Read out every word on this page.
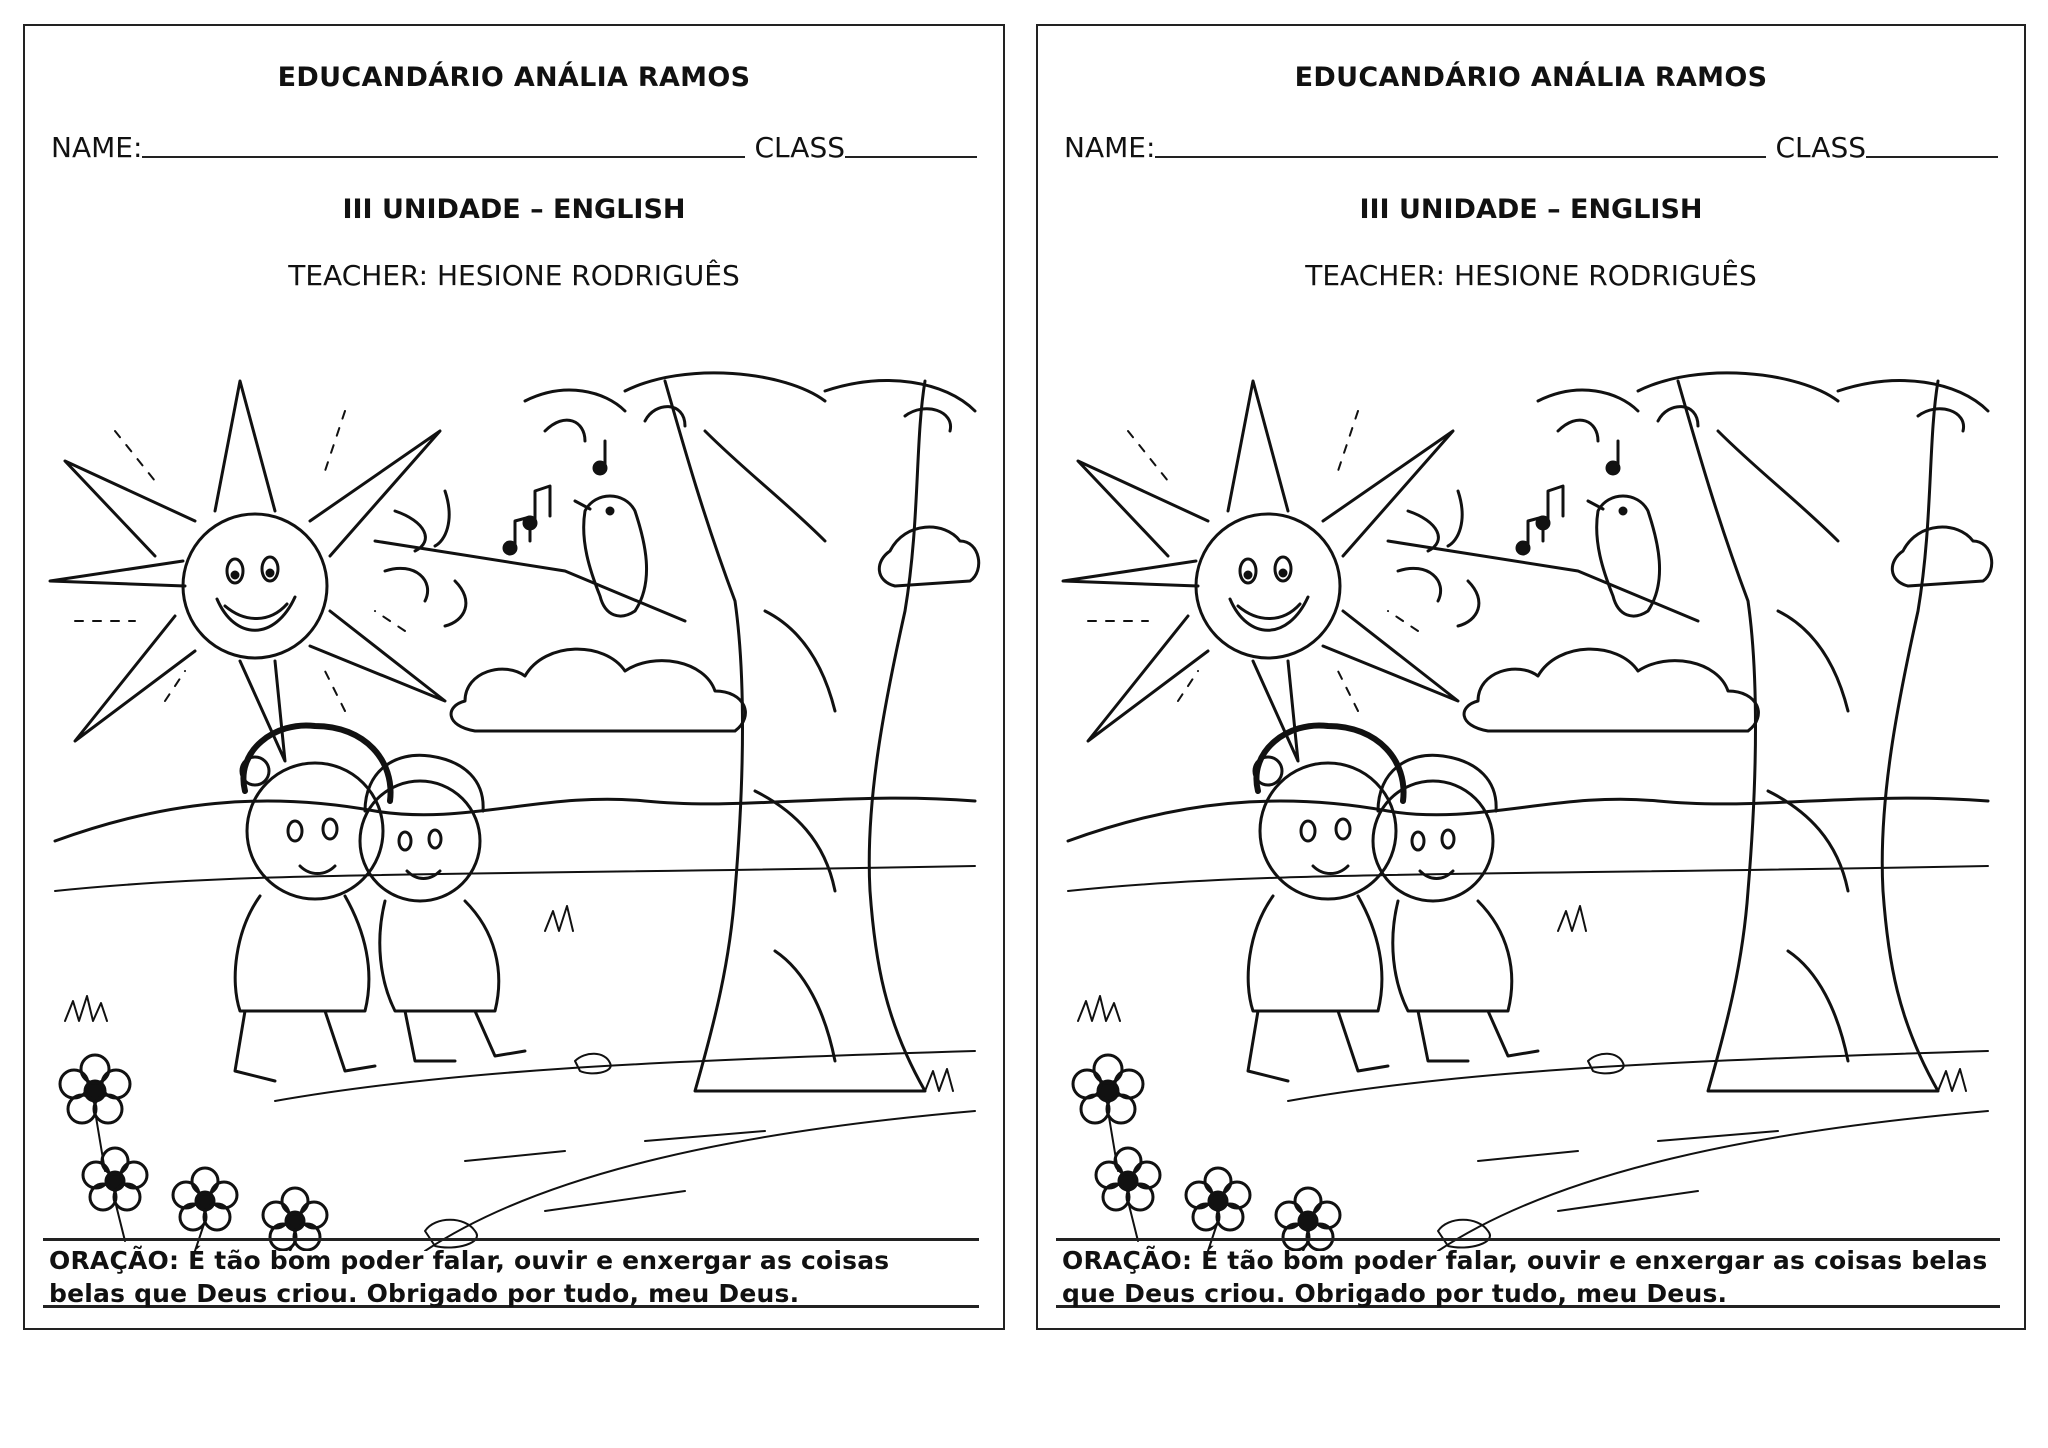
EDUCANDÁRIO ANÁLIA RAMOS
NAME:	CLASS
III UNIDADE – ENGLISH
TEACHER: HESIONE RODRIGUÊS
ORAÇÃO: É tão bom poder falar, ouvir e enxergar as coisas belas que Deus criou. Obrigado por tudo, meu Deus.
EDUCANDÁRIO ANÁLIA RAMOS
NAME:	CLASS
III UNIDADE – ENGLISH
TEACHER: HESIONE RODRIGUÊS
ORAÇÃO: É tão bom poder falar, ouvir e enxergar as coisas belas que Deus criou. Obrigado por tudo, meu Deus.
